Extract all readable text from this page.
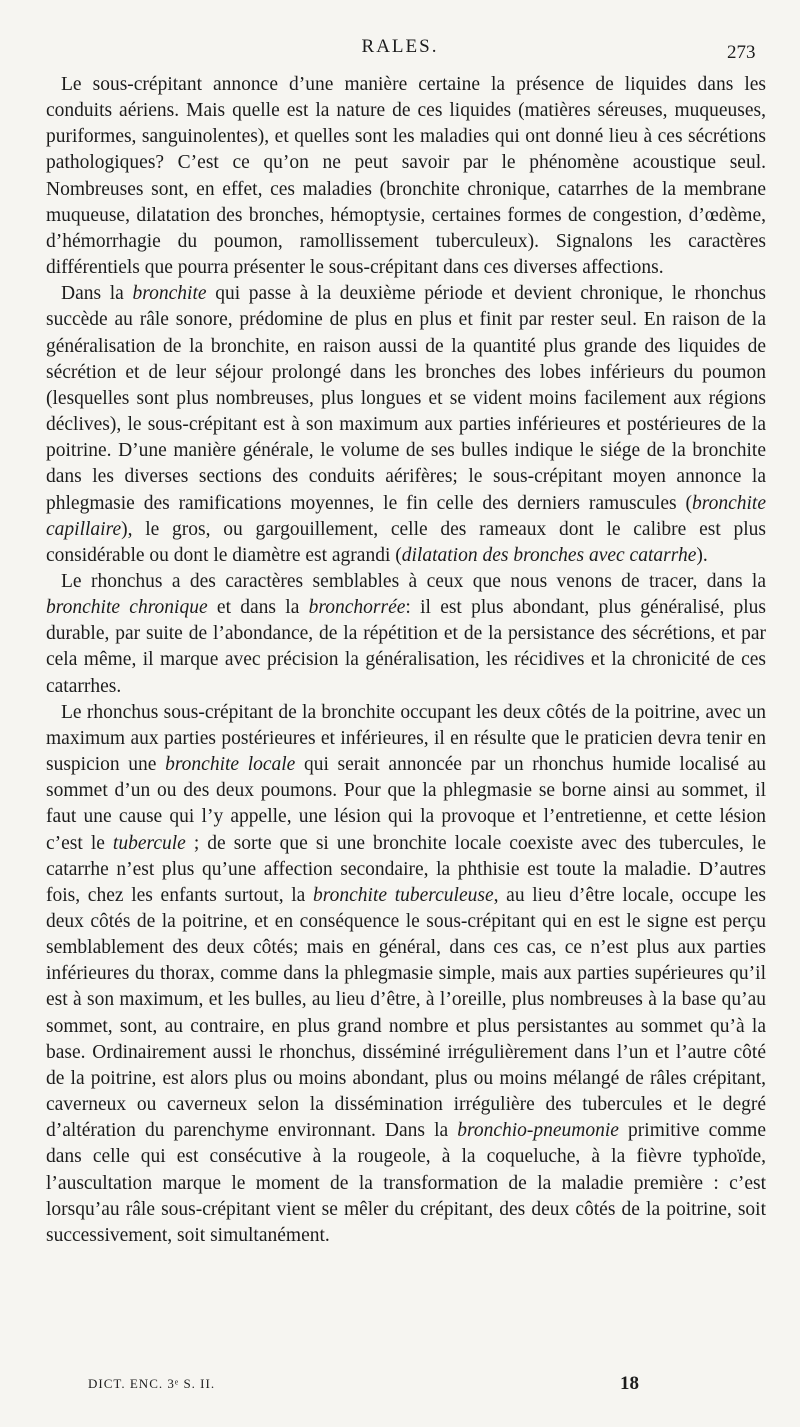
RALES.	273

Le sous-crépitant annonce d’une manière certaine la présence de liquides dans les conduits aériens. Mais quelle est la nature de ces liquides (matières séreuses, muqueuses, puriformes, sanguinolentes), et quelles sont les maladies qui ont donné lieu à ces sécrétions pathologiques? C’est ce qu’on ne peut savoir par le phénomène acoustique seul. Nombreuses sont, en effet, ces maladies (bronchite chronique, catarrhes de la membrane muqueuse, dilatation des bronches, hémoptysie, certaines formes de congestion, d’œdème, d’hémorrhagie du poumon, ramollissement tuberculeux). Signalons les caractères différentiels que pourra présenter le sous-crépitant dans ces diverses affections.

Dans la bronchite qui passe à la deuxième période et devient chronique, le rhonchus succède au râle sonore, prédomine de plus en plus et finit par rester seul. En raison de la généralisation de la bronchite, en raison aussi de la quantité plus grande des liquides de sécrétion et de leur séjour prolongé dans les bronches des lobes inférieurs du poumon (lesquelles sont plus nombreuses, plus longues et se vident moins facilement aux régions déclives), le sous-crépitant est à son maximum aux parties inférieures et postérieures de la poitrine. D’une manière générale, le volume de ses bulles indique le siége de la bronchite dans les diverses sections des conduits aérifères; le sous-crépitant moyen annonce la phlegmasie des ramifications moyennes, le fin celle des derniers ramuscules (bronchite capillaire), le gros, ou gargouillement, celle des rameaux dont le calibre est plus considérable ou dont le diamètre est agrandi (dilatation des bronches avec catarrhe).

Le rhonchus a des caractères semblables à ceux que nous venons de tracer, dans la bronchite chronique et dans la bronchorrée: il est plus abondant, plus généralisé, plus durable, par suite de l’abondance, de la répétition et de la persistance des sécrétions, et par cela même, il marque avec précision la généralisation, les récidives et la chronicité de ces catarrhes.

Le rhonchus sous-crépitant de la bronchite occupant les deux côtés de la poitrine, avec un maximum aux parties postérieures et inférieures, il en résulte que le praticien devra tenir en suspicion une bronchite locale qui serait annoncée par un rhonchus humide localisé au sommet d’un ou des deux poumons. Pour que la phlegmasie se borne ainsi au sommet, il faut une cause qui l’y appelle, une lésion qui la provoque et l’entretienne, et cette lésion c’est le tubercule ; de sorte que si une bronchite locale coexiste avec des tubercules, le catarrhe n’est plus qu’une affection secondaire, la phthisie est toute la maladie. D’autres fois, chez les enfants surtout, la bronchite tuberculeuse, au lieu d’être locale, occupe les deux côtés de la poitrine, et en conséquence le sous-crépitant qui en est le signe est perçu semblablement des deux côtés; mais en général, dans ces cas, ce n’est plus aux parties inférieures du thorax, comme dans la phlegmasie simple, mais aux parties supérieures qu’il est à son maximum, et les bulles, au lieu d’être, à l’oreille, plus nombreuses à la base qu’au sommet, sont, au contraire, en plus grand nombre et plus persistantes au sommet qu’à la base. Ordinairement aussi le rhonchus, disséminé irrégulièrement dans l’un et l’autre côté de la poitrine, est alors plus ou moins abondant, plus ou moins mélangé de râles crépitant, caverneux ou caverneux selon la dissémination irrégulière des tubercules et le degré d’altération du parenchyme environnant. Dans la bronchio-pneumonie primitive comme dans celle qui est consécutive à la rougeole, à la coqueluche, à la fièvre typhoïde, l’auscultation marque le moment de la transformation de la maladie première : c’est lorsqu’au râle sous-crépitant vient se mêler du crépitant, des deux côtés de la poitrine, soit successivement, soit simultanément.

DICT. ENC. 3ᵉ S. II.	18
